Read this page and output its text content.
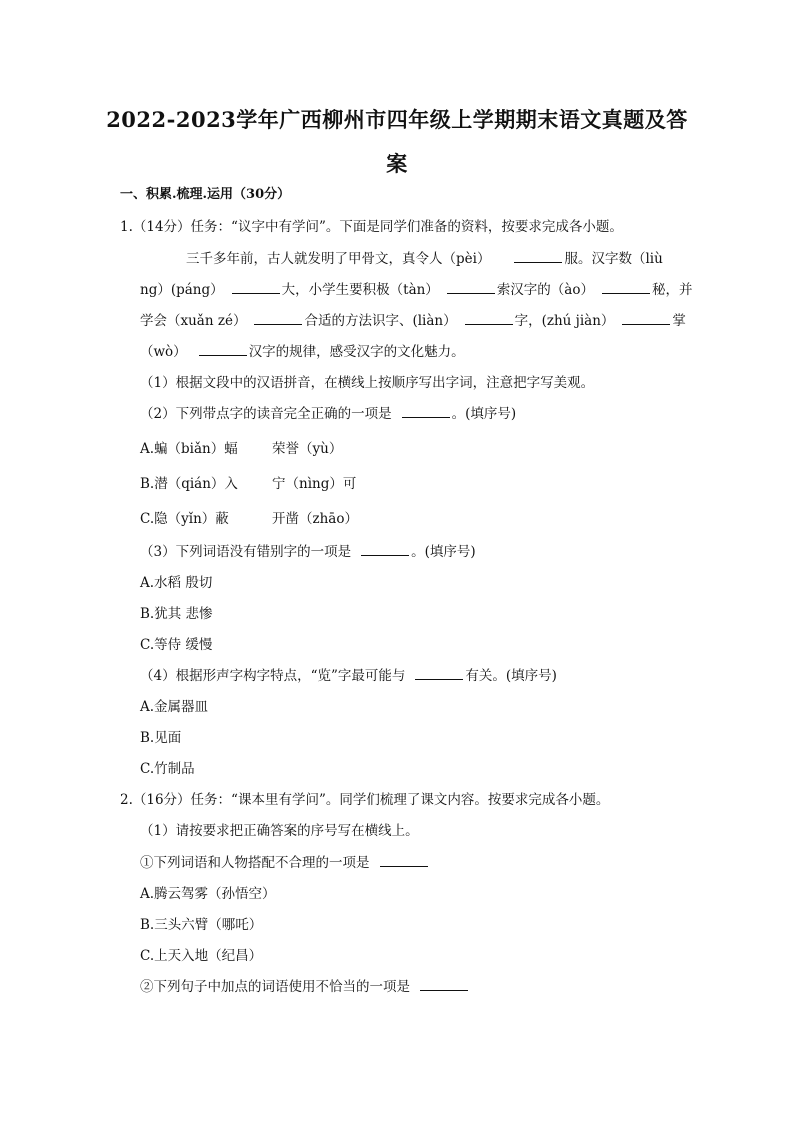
2022-2023学年广西柳州市四年级上学期期末语文真题及答
案
一、积累.梳理.运用（30分）
1.（14分）任务：“议字中有学问”。下面是同学们准备的资料，按要求完成各小题。
三千多年前，古人就发明了甲骨文，真令人（pèi）	服。汉字数（liù
ng）(páng）	大，小学生要积极（tàn）	索汉字的（ào）	秘，并
学会（xuǎn zé）	合适的方法识字、(liàn）	字，(zhú jiàn）	掌
（wò）	汉字的规律，感受汉字的文化魅力。
（1）根据文段中的汉语拼音，在横线上按顺序写出字词，注意把字写美观。
（2）下列带点字的读音完全正确的一项是	。(填序号)
A.蝙（biǎn）蝠	荣誉（yù）
B.潜（qián）入	宁（nìng）可
C.隐（yǐn）蔽	开凿（zhāo）
（3）下列词语没有错别字的一项是	。(填序号)
A.水稻 殷切
B.犹其 悲惨
C.等侍 缓慢
（4）根据形声字构字特点，“览”字最可能与	有关。(填序号)
A.金属器皿
B.见面
C.竹制品
2.（16分）任务：“课本里有学问”。同学们梳理了课文内容。按要求完成各小题。
（1）请按要求把正确答案的序号写在横线上。
①下列词语和人物搭配不合理的一项是
A.腾云驾雾（孙悟空）
B.三头六臂（哪吒）
C.上天入地（纪昌）
②下列句子中加点的词语使用不恰当的一项是
